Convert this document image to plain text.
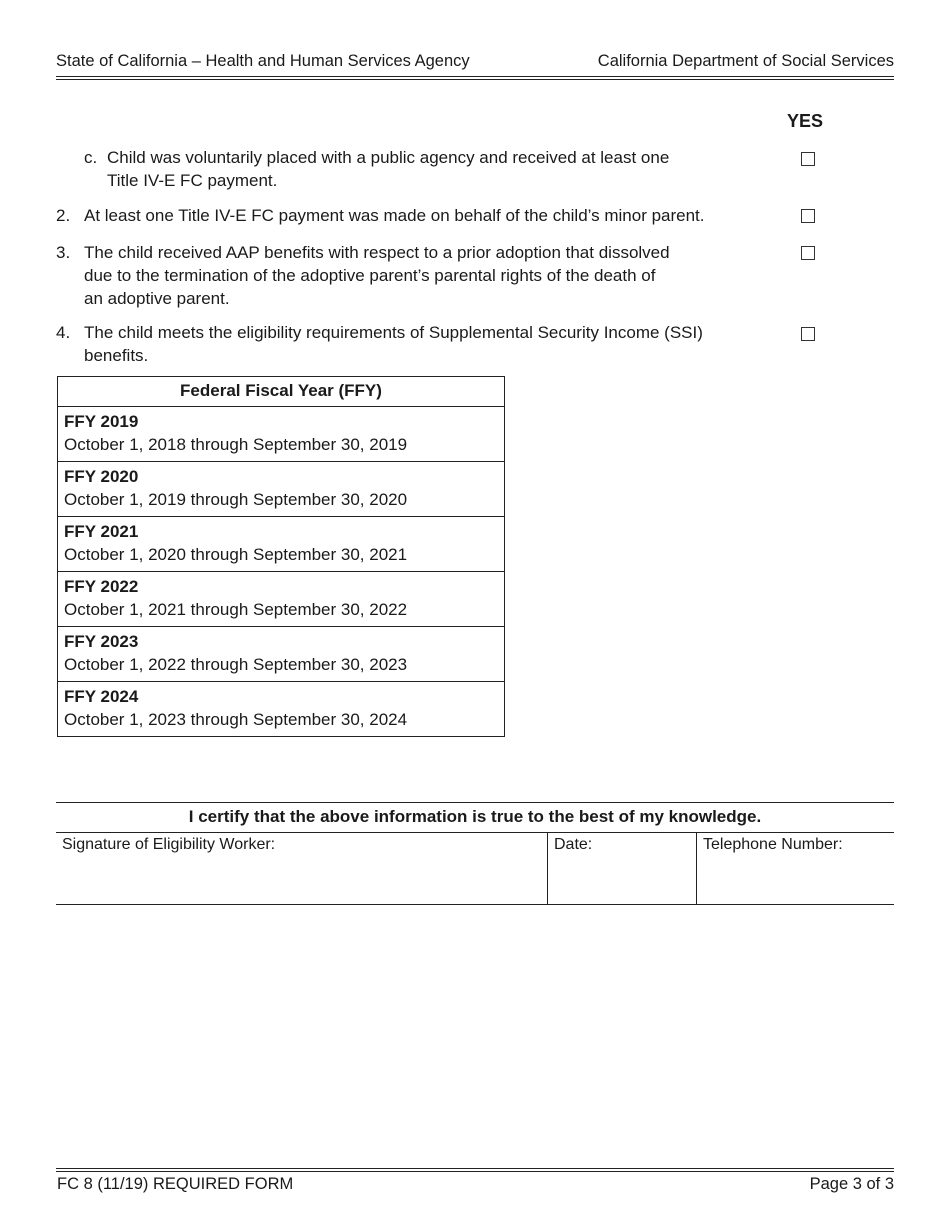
State of California – Health and Human Services Agency	California Department of Social Services
YES
c. Child was voluntarily placed with a public agency and received at least one
Title IV-E FC payment.
2. At least one Title IV-E FC payment was made on behalf of the child’s minor parent.
3. The child received AAP benefits with respect to a prior adoption that dissolved
due to the termination of the adoptive parent’s parental rights of the death of
an adoptive parent.
4. The child meets the eligibility requirements of Supplemental Security Income (SSI)
benefits.
Federal Fiscal Year (FFY)
FFY 2019
October 1, 2018 through September 30, 2019
FFY 2020
October 1, 2019 through September 30, 2020
FFY 2021
October 1, 2020 through September 30, 2021
FFY 2022
October 1, 2021 through September 30, 2022
FFY 2023
October 1, 2022 through September 30, 2023
FFY 2024
October 1, 2023 through September 30, 2024
I certify that the above information is true to the best of my knowledge.
Signature of Eligibility Worker:	Date:	Telephone Number:
FC 8 (11/19) REQUIRED FORM	Page 3 of 3
